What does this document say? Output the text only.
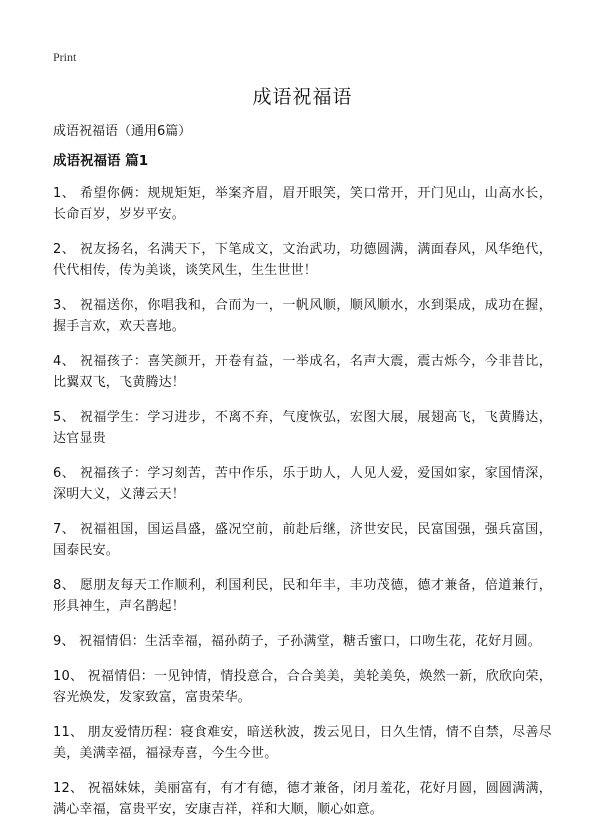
Print
成语祝福语
成语祝福语（通用6篇）
成语祝福语 篇1

1、 希望你俩：规规矩矩，举案齐眉，眉开眼笑，笑口常开，开门见山，山高水长，长命百岁，岁岁平安。

2、 祝友扬名，名满天下，下笔成文，文治武功，功德圆满，满面春风，风华绝代，代代相传，传为美谈，谈笑风生，生生世世！

3、 祝福送你，你唱我和，合而为一，一帆风顺，顺风顺水，水到渠成，成功在握，握手言欢，欢天喜地。

4、 祝福孩子：喜笑颜开，开卷有益，一举成名，名声大震，震古烁今，今非昔比，比翼双飞，飞黄腾达！

5、 祝福学生：学习进步，不离不弃，气度恢弘，宏图大展，展翅高飞，飞黄腾达，达官显贵

6、 祝福孩子：学习刻苦，苦中作乐，乐于助人，人见人爱，爱国如家，家国情深，深明大义，义薄云天！

7、 祝福祖国，国运昌盛，盛况空前，前赴后继，济世安民，民富国强，强兵富国，国泰民安。

8、 愿朋友每天工作顺利，利国利民，民和年丰，丰功茂德，德才兼备，倍道兼行，形具神生，声名鹊起！

9、 祝福情侣：生活幸福，福孙荫子，子孙满堂，糖舌蜜口，口吻生花，花好月圆。

10、 祝福情侣：一见钟情，情投意合，合合美美，美轮美奂，焕然一新，欣欣向荣，容光焕发，发家致富，富贵荣华。

11、 朋友爱情历程：寝食难安，暗送秋波，拨云见日，日久生情，情不自禁，尽善尽美，美满幸福，福禄寿喜，今生今世。

12、 祝福妹妹，美丽富有，有才有德，德才兼备，闭月羞花，花好月圆，圆圆满满，满心幸福，富贵平安，安康吉祥，祥和大顺，顺心如意。
